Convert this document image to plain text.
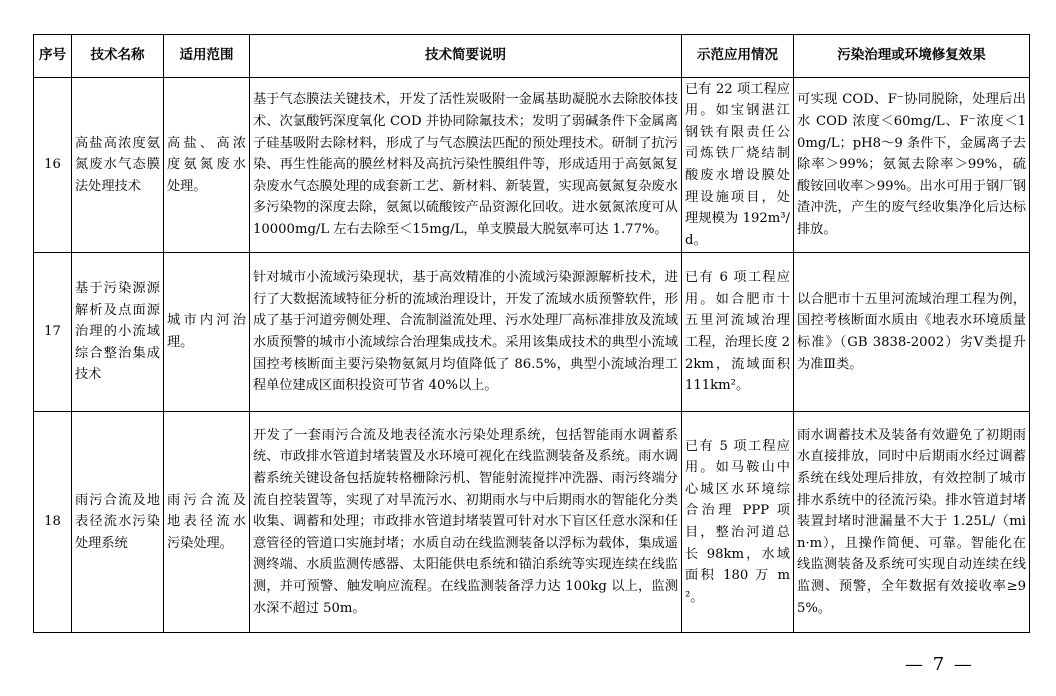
序号	技术名称	适用范围	技术简要说明	示范应用情况	污染治理或环境修复效果
16	高盐高浓度氨氮废水气态膜法处理技术	高盐、高浓度氨氮废水处理。	基于气态膜法关键技术，开发了活性炭吸附一金属基助凝脱水去除胶体技术、次氯酸钙深度氧化 COD 并协同除氟技术；发明了弱碱条件下金属离子硅基吸附去除材料，形成了与气态膜法匹配的预处理技术。研制了抗污染、再生性能高的膜丝材料及高抗污染性膜组件等，形成适用于高氨氮复杂废水气态膜处理的成套新工艺、新材料、新装置，实现高氨氮复杂废水多污染物的深度去除，氨氮以硫酸铵产品资源化回收。进水氨氮浓度可从 10000mg/L 左右去除至＜15mg/L，单支膜最大脱氨率可达 1.77%。	已有 22 项工程应用。如宝钢湛江钢铁有限责任公司炼铁厂烧结制酸废水增设膜处理设施项目，处理规模为 192m³/d。	可实现 COD、F⁻协同脱除，处理后出水 COD 浓度＜60mg/L、F⁻浓度＜10mg/L；pH8～9 条件下，金属离子去除率＞99%；氨氮去除率＞99%，硫酸铵回收率＞99%。出水可用于钢厂钢渣冲洗，产生的废气经收集净化后达标排放。
17	基于污染源源解析及点面源治理的小流域综合整治集成技术	城市内河治理。	针对城市小流域污染现状，基于高效精准的小流域污染源源解析技术，进行了大数据流域特征分析的流域治理设计，开发了流域水质预警软件，形成了基于河道旁侧处理、合流制溢流处理、污水处理厂高标准排放及流域水质预警的城市小流域综合治理集成技术。采用该集成技术的典型小流域国控考核断面主要污染物氨氮月均值降低了 86.5%，典型小流域治理工程单位建成区面积投资可节省 40%以上。	已有 6 项工程应用。如合肥市十五里河流域治理工程，治理长度 22km，流域面积 111km²。	以合肥市十五里河流域治理工程为例，国控考核断面水质由《地表水环境质量标准》（GB 3838-2002）劣Ⅴ类提升为准Ⅲ类。
18	雨污合流及地表径流水污染处理系统	雨污合流及地表径流水污染处理。	开发了一套雨污合流及地表径流水污染处理系统，包括智能雨水调蓄系统、市政排水管道封堵装置及水环境可视化在线监测装备及系统。雨水调蓄系统关键设备包括旋转格栅除污机、智能射流搅拌冲洗器、雨污终端分流自控装置等，实现了对旱流污水、初期雨水与中后期雨水的智能化分类收集、调蓄和处理；市政排水管道封堵装置可针对水下盲区任意水深和任意管径的管道口实施封堵；水质自动在线监测装备以浮标为载体，集成遥测终端、水质监测传感器、太阳能供电系统和锚泊系统等实现连续在线监测，并可预警、触发响应流程。在线监测装备浮力达 100kg 以上，监测水深不超过 50m。	已有 5 项工程应用。如马鞍山中心城区水环境综合治理 PPP 项目，整治河道总长 98km，水域面积 180 万 m²。	雨水调蓄技术及装备有效避免了初期雨水直接排放，同时中后期雨水经过调蓄系统在线处理后排放，有效控制了城市排水系统中的径流污染。排水管道封堵装置封堵时泄漏量不大于 1.25L/（min·m），且操作简便、可靠。智能化在线监测装备及系统可实现自动连续在线监测、预警，全年数据有效接收率≥95%。
— 7 —
